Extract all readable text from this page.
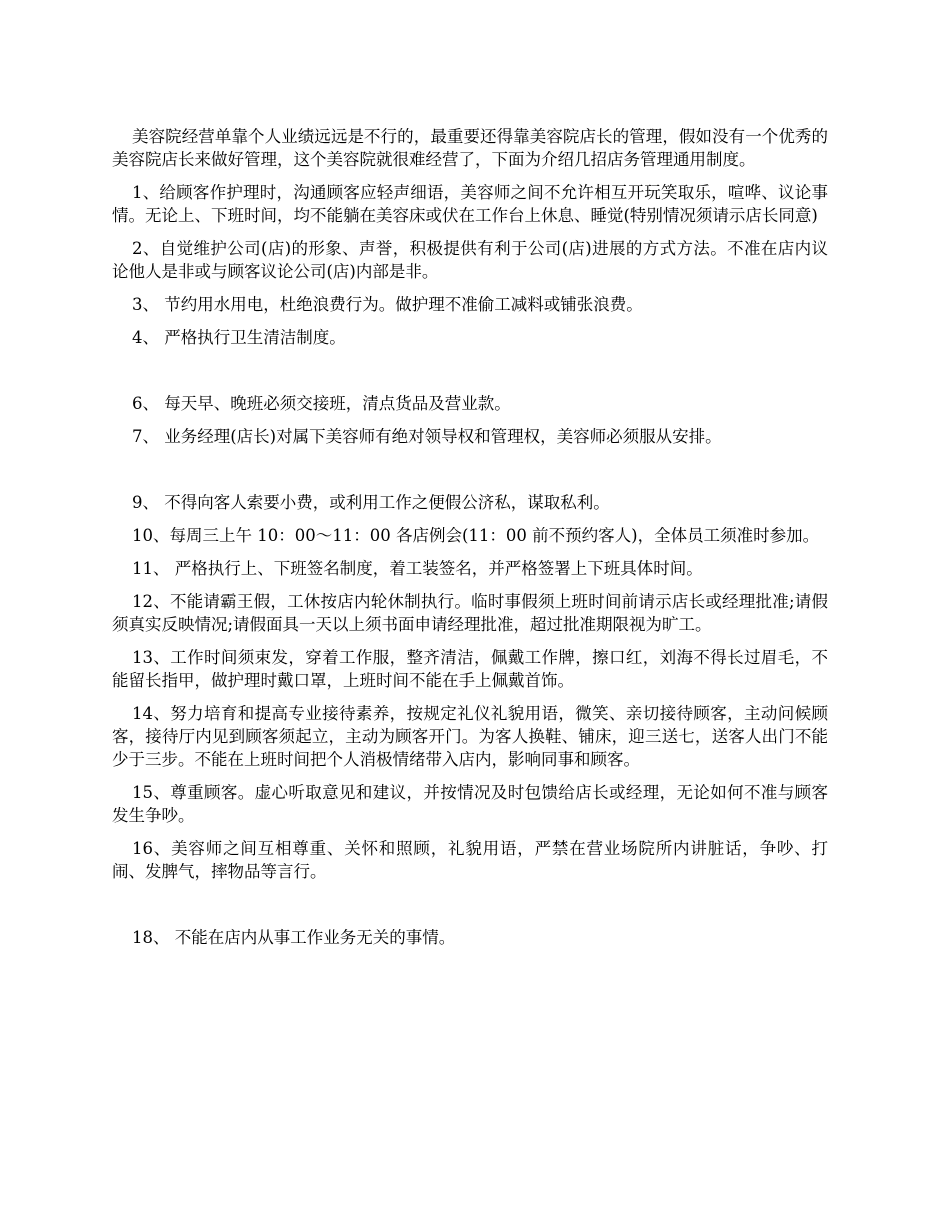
美容院经营单靠个人业绩远远是不行的，最重要还得靠美容院店长的管理，假如没有一个优秀的美容院店长来做好管理，这个美容院就很难经营了，下面为介绍几招店务管理通用制度。

1、给顾客作护理时，沟通顾客应轻声细语，美容师之间不允许相互开玩笑取乐，喧哗、议论事情。无论上、下班时间，均不能躺在美容床或伏在工作台上休息、睡觉(特别情况须请示店长同意)

2、自觉维护公司(店)的形象、声誉，积极提供有利于公司(店)进展的方式方法。不准在店内议论他人是非或与顾客议论公司(店)内部是非。

3、 节约用水用电，杜绝浪费行为。做护理不准偷工减料或铺张浪费。

4、 严格执行卫生清洁制度。

6、 每天早、晚班必须交接班，清点货品及营业款。

7、 业务经理(店长)对属下美容师有绝对领导权和管理权，美容师必须服从安排。

9、 不得向客人索要小费，或利用工作之便假公济私，谋取私利。

10、每周三上午 10：00～11：00 各店例会(11：00 前不预约客人)，全体员工须准时参加。

11、 严格执行上、下班签名制度，着工装签名，并严格签署上下班具体时间。

12、不能请霸王假，工休按店内轮休制执行。临时事假须上班时间前请示店长或经理批准;请假须真实反映情况;请假面具一天以上须书面申请经理批准，超过批准期限视为旷工。

13、工作时间须束发，穿着工作服，整齐清洁，佩戴工作牌，擦口红，刘海不得长过眉毛，不能留长指甲，做护理时戴口罩，上班时间不能在手上佩戴首饰。

14、努力培育和提高专业接待素养，按规定礼仪礼貌用语，微笑、亲切接待顾客，主动问候顾客，接待厅内见到顾客须起立，主动为顾客开门。为客人换鞋、铺床，迎三送七，送客人出门不能少于三步。不能在上班时间把个人消极情绪带入店内，影响同事和顾客。

15、尊重顾客。虚心听取意见和建议，并按情况及时包馈给店长或经理，无论如何不准与顾客发生争吵。

16、美容师之间互相尊重、关怀和照顾，礼貌用语，严禁在营业场院所内讲脏话，争吵、打闹、发脾气，摔物品等言行。

18、 不能在店内从事工作业务无关的事情。
